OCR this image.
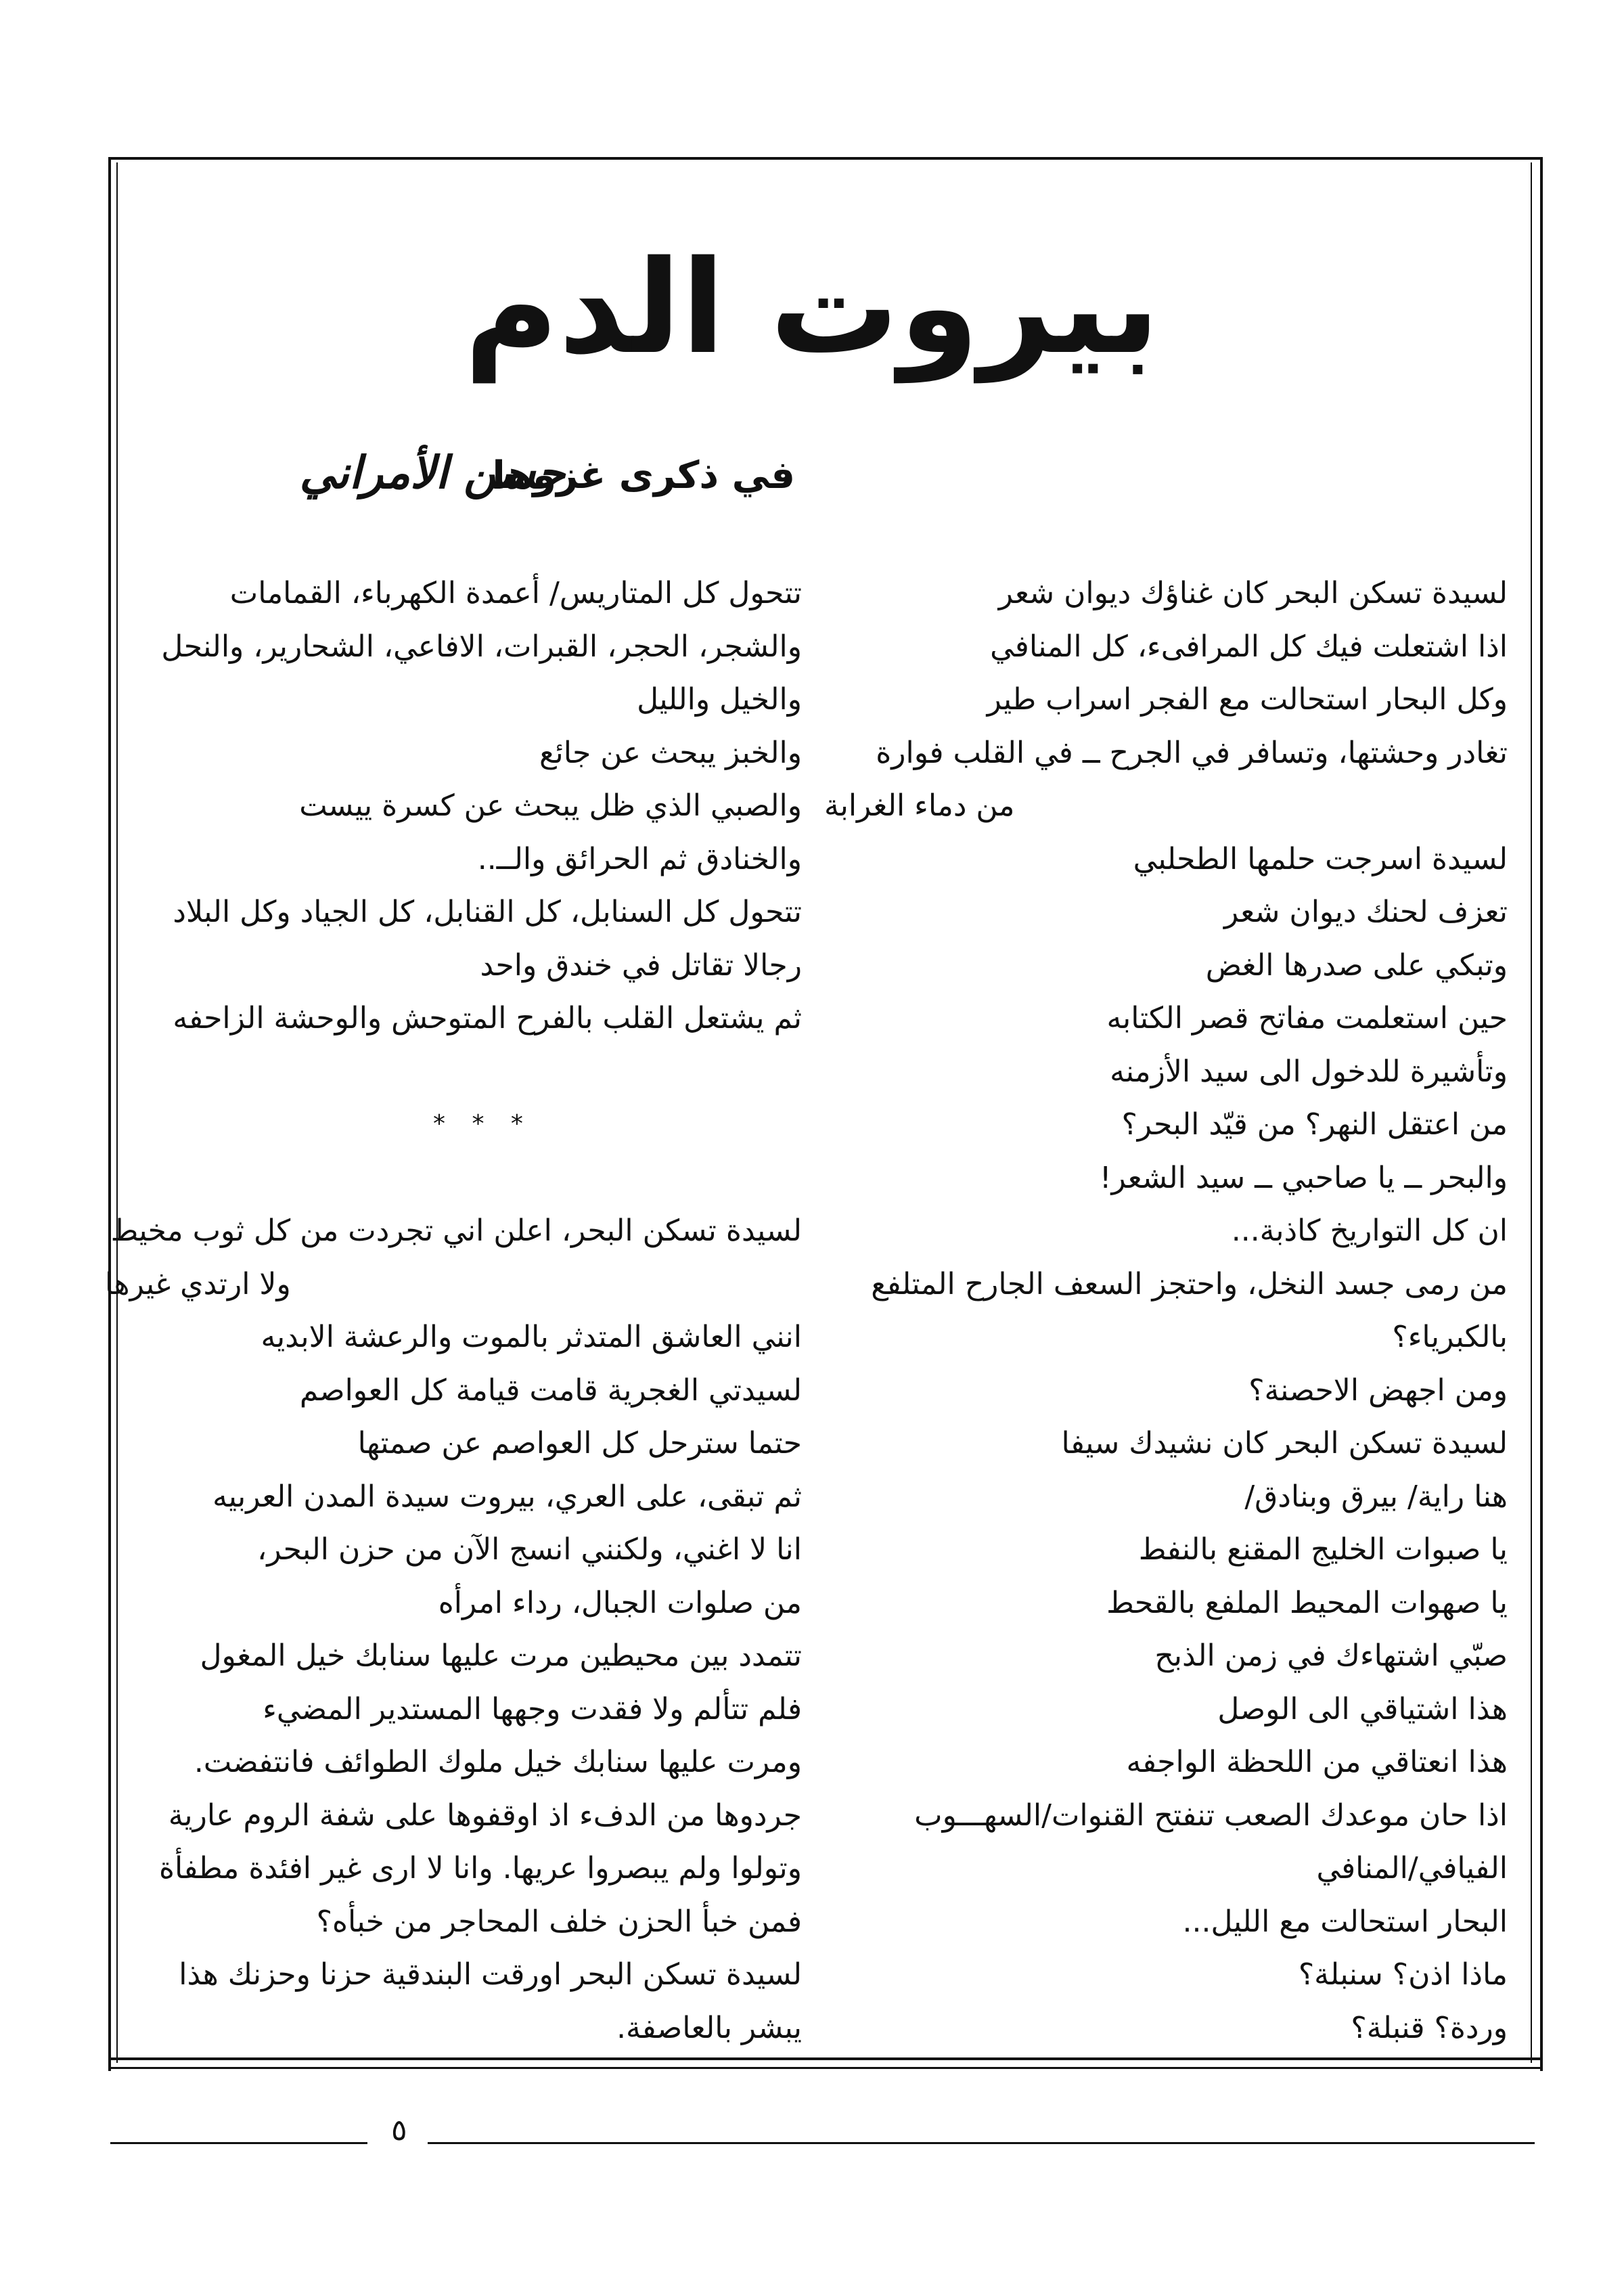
بيروت الدم
في ذكرى غزوها
حسن الأمراني
لسيدة تسكن البحر كان غناؤك ديوان شعر
اذا اشتعلت فيك كل المرافىء، كل المنافي
وكل البحار استحالت مع الفجر اسراب طير
تغادر وحشتها، وتسافر في الجرح ــ في القلب فوارة
من دماء الغرابة
لسيدة اسرجت حلمها الطحلبي
تعزف لحنك ديوان شعر
وتبكي على صدرها الغض
حين استعلمت مفاتح قصر الكتابه
وتأشيرة للدخول الى سيد الأزمنه
من اعتقل النهر؟ من قيّد البحر؟
والبحر ــ يا صاحبي ــ سيد الشعر!
ان كل التواريخ كاذبة...
من رمى جسد النخل، واحتجز السعف الجارح المتلفع
بالكبرياء؟
ومن اجهض الاحصنة؟
لسيدة تسكن البحر كان نشيدك سيفا
هنا راية/ بيرق وبنادق/
يا صبوات الخليج المقنع بالنفط
يا صهوات المحيط الملفع بالقحط
صبّي اشتهاءك في زمن الذبح
هذا اشتياقي الى الوصل
هذا انعتاقي من اللحظة الواجفه
اذا حان موعدك الصعب تنفتح القنوات/السهـــوب
الفيافي/المنافي
البحار استحالت مع الليل...
ماذا اذن؟ سنبلة؟
وردة؟ قنبلة؟
تتحول كل المتاريس/ أعمدة الكهرباء، القمامات
والشجر، الحجر، القبرات، الافاعي، الشحارير، والنحل
والخيل والليل
والخبز يبحث عن جائع
والصبي الذي ظل يبحث عن كسرة ييست
والخنادق ثم الحرائق والــ..
تتحول كل السنابل، كل القنابل، كل الجياد وكل البلاد
رجالا تقاتل في خندق واحد
ثم يشتعل القلب بالفرح المتوحش والوحشة الزاحفه
* * *
لسيدة تسكن البحر، اعلن اني تجردت من كل ثوب مخيط
ولا ارتدي غيرها
انني العاشق المتدثر بالموت والرعشة الابديه
لسيدتي الغجرية قامت قيامة كل العواصم
حتما سترحل كل العواصم عن صمتها
ثم تبقى، على العري، بيروت سيدة المدن العربيه
انا لا اغني، ولكنني انسج الآن من حزن البحر،
من صلوات الجبال، رداء امرأه
تتمدد بين محيطين مرت عليها سنابك خيل المغول
فلم تتألم ولا فقدت وجهها المستدير المضيء
ومرت عليها سنابك خيل ملوك الطوائف فانتفضت.
جردوها من الدفء اذ اوقفوها على شفة الروم عارية
وتولوا ولم يبصروا عريها. وانا لا ارى غير افئدة مطفأة
فمن خبأ الحزن خلف المحاجر من خبأه؟
لسيدة تسكن البحر اورقت البندقية حزنا وحزنك هذا
يبشر بالعاصفة.
٥
